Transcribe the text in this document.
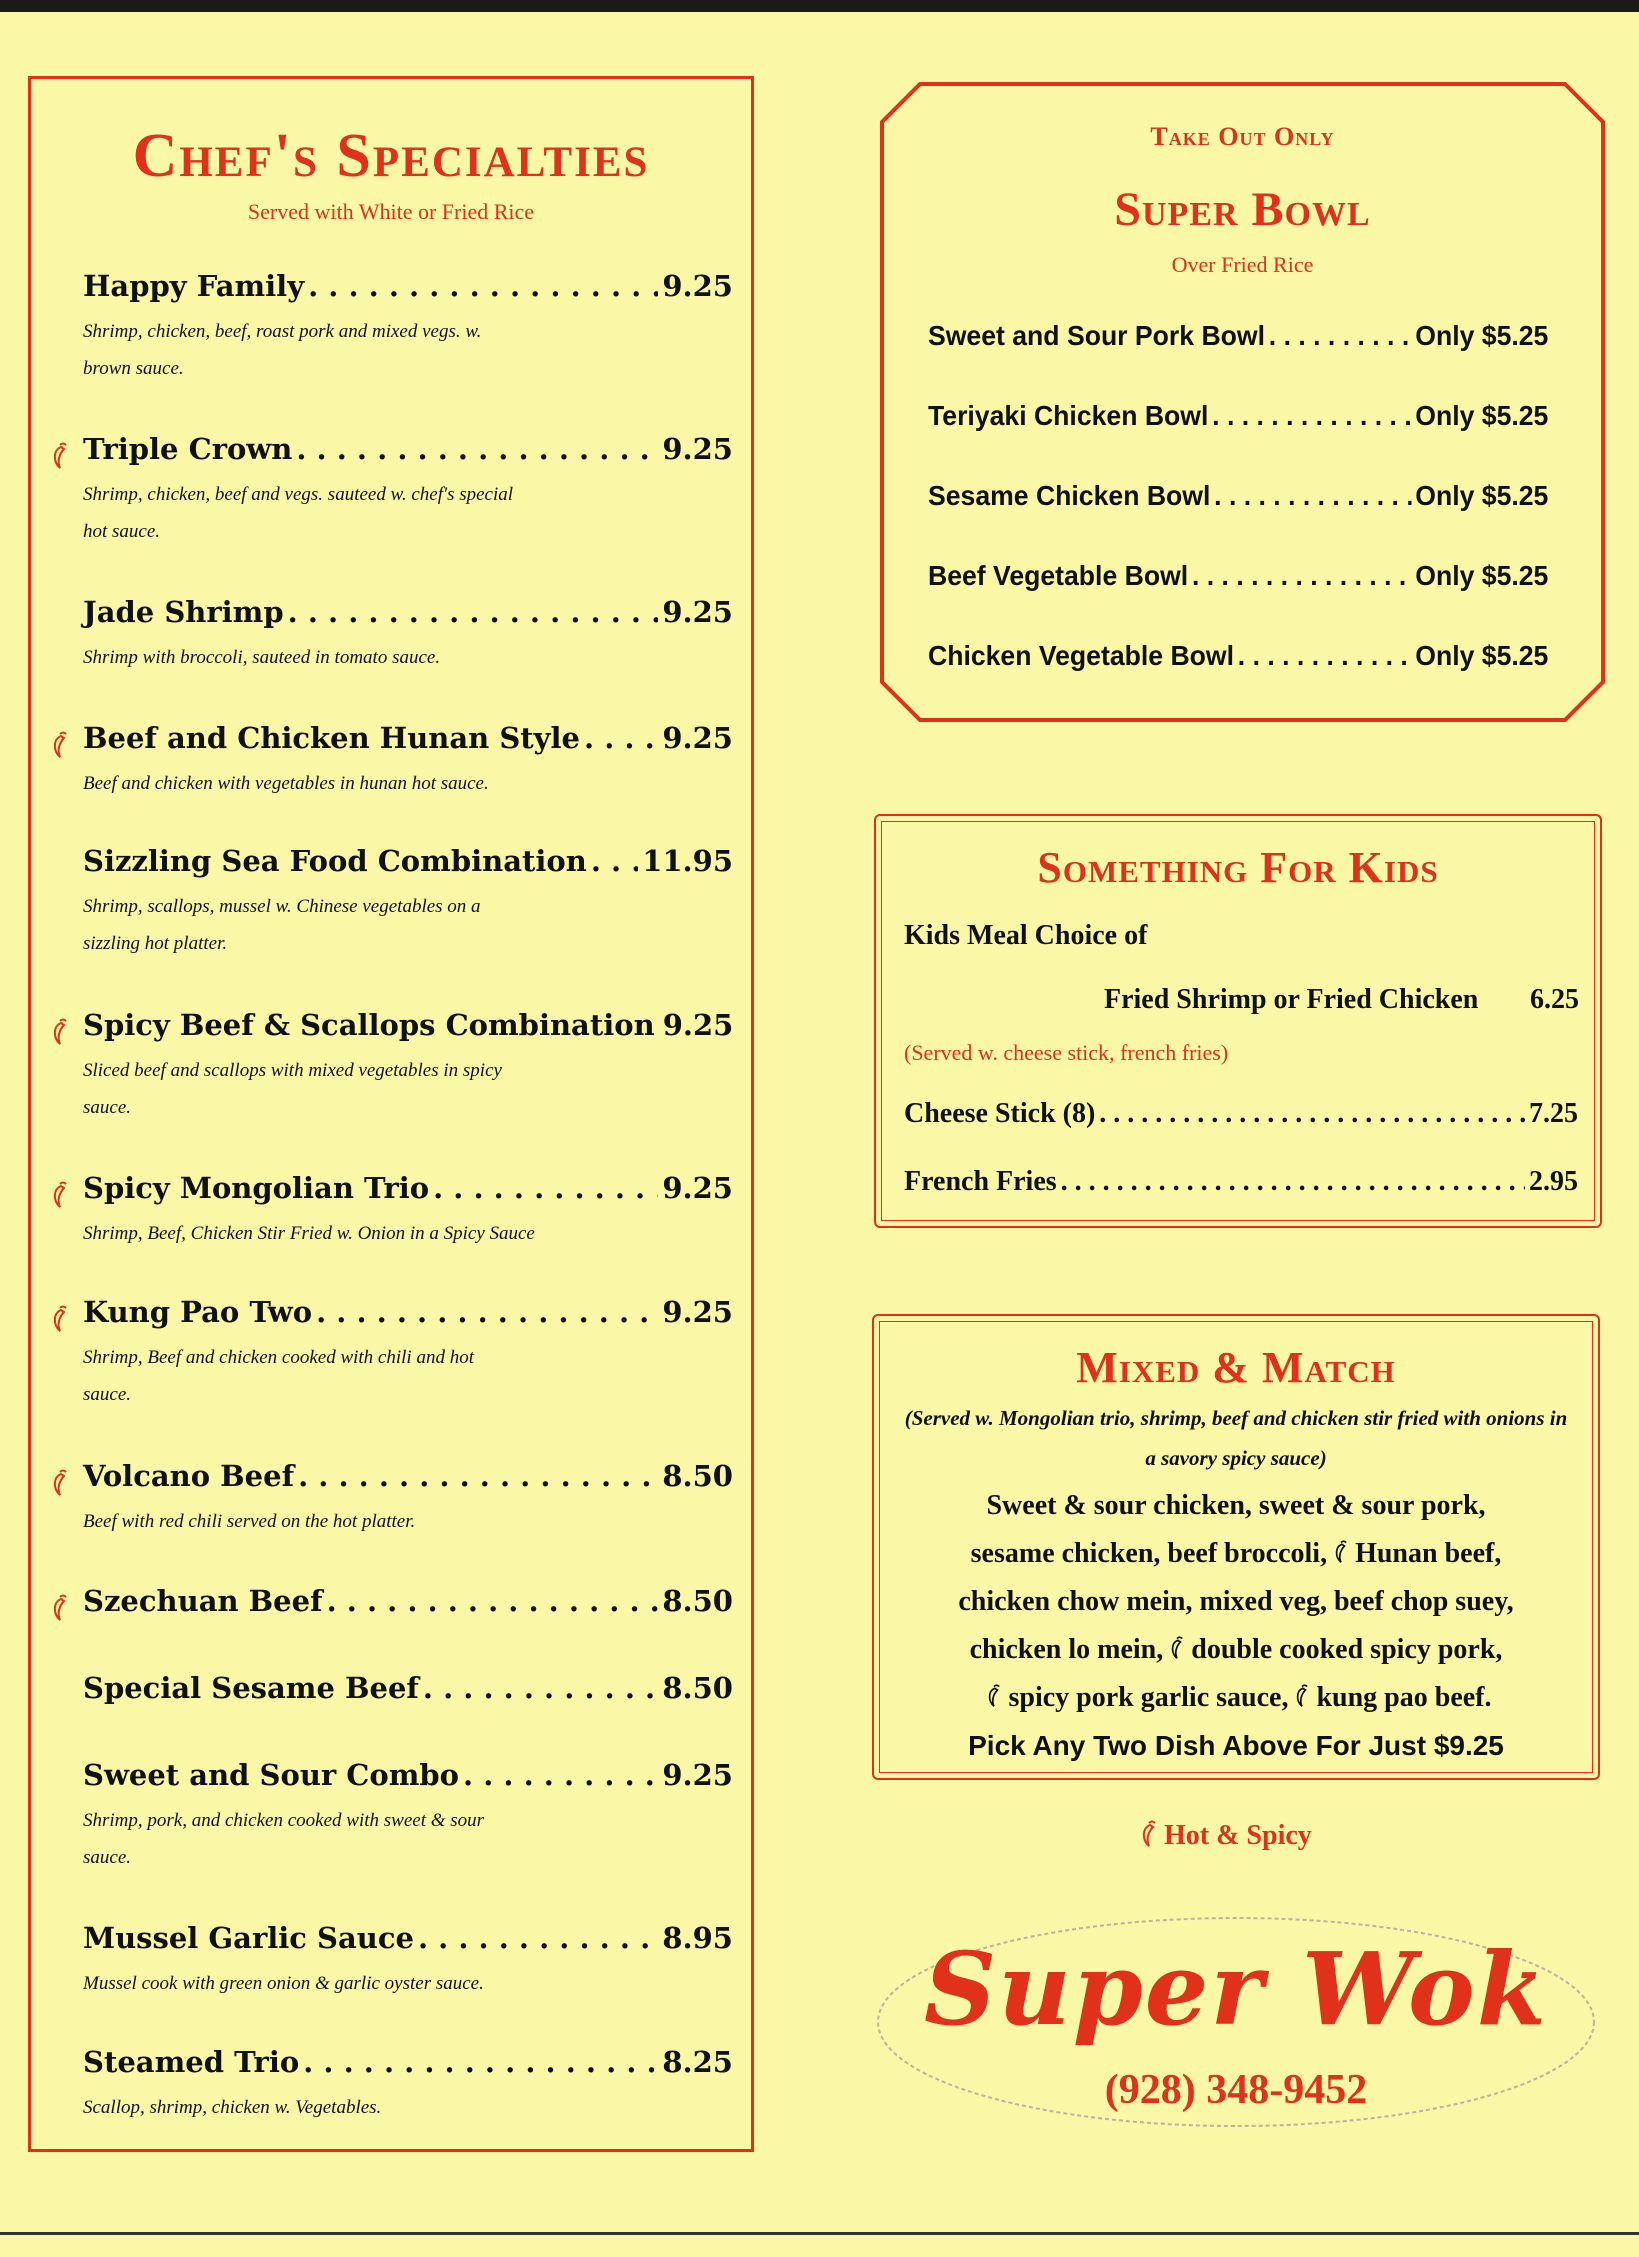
Chef's Specialties
Served with White or Fried Rice
Happy Family . . .	9.25
Shrimp, chicken, beef, roast pork and mixed vegs. w.
brown sauce.
Triple Crown . . .	9.25
Shrimp, chicken, beef and vegs. sauteed w. chef's special
hot sauce.
Jade Shrimp . . .	9.25
Shrimp with broccoli, sauteed in tomato sauce.
Beef and Chicken Hunan Style . . .	9.25
Beef and chicken with vegetables in hunan hot sauce.
Sizzling Sea Food Combination . . . 11.95
Shrimp, scallops, mussel w. Chinese vegetables on a
sizzling hot platter.
Spicy Beef & Scallops Combination 9.25
Sliced beef and scallops with mixed vegetables in spicy
sauce.
Spicy Mongolian Trio . . .	9.25
Shrimp, Beef, Chicken Stir Fried w. Onion in a Spicy Sauce
Kung Pao Two . . .	9.25
Shrimp, Beef and chicken cooked with chili and hot
sauce.
Volcano Beef . . .	8.50
Beef with red chili served on the hot platter.
Szechuan Beef . . .	8.50
Special Sesame Beef . . .	8.50
Sweet and Sour Combo . . .	9.25
Shrimp, pork, and chicken cooked with sweet & sour
sauce.
Mussel Garlic Sauce . . .	8.95
Mussel cook with green onion & garlic oyster sauce.
Steamed Trio . . .	8.25
Scallop, shrimp, chicken w. Vegetables.
Take Out Only
Super Bowl
Over Fried Rice
Sweet and Sour Pork Bowl . . .	Only $5.25
Teriyaki Chicken Bowl . . .	Only $5.25
Sesame Chicken Bowl . . .	Only $5.25
Beef Vegetable Bowl . . .	Only $5.25
Chicken Vegetable Bowl . . .	Only $5.25
Something For Kids
Kids Meal Choice of
Fried Shrimp or Fried Chicken 6.25
(Served w. cheese stick, french fries)
Cheese Stick (8) . . .	7.25
French Fries . . .	2.95
Mixed & Match
(Served w. Mongolian trio, shrimp, beef and chicken stir fried with onions in a savory spicy sauce)
Sweet & sour chicken, sweet & sour pork,
sesame chicken, beef broccoli, Hunan beef,
chicken chow mein, mixed veg, beef chop suey,
chicken lo mein, double cooked spicy pork,
spicy pork garlic sauce, kung pao beef.
Pick Any Two Dish Above For Just $9.25
Hot & Spicy
Super Wok
(928) 348-9452
